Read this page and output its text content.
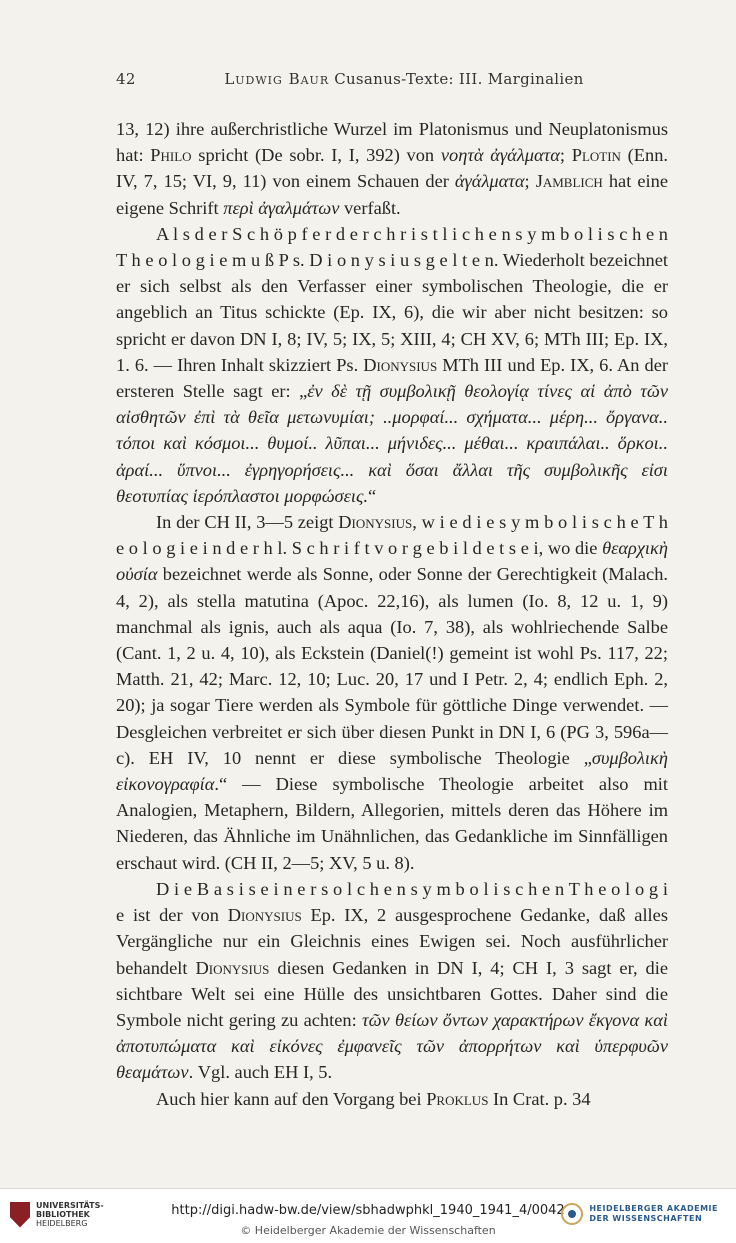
42	Ludwig Baur Cusanus-Texte: III. Marginalien

13, 12) ihre außerchristliche Wurzel im Platonismus und Neuplatonismus hat: Philo spricht (De sobr. I, I, 392) von νοητὰ ἀγάλματα; Plotin (Enn. IV, 7, 15; VI, 9, 11) von einem Schauen der ἀγάλματα; Jamblich hat eine eigene Schrift περὶ ἀγαλμάτων verfaßt.

A l s d e r S c h ö p f e r d e r c h r i s t l i c h e n s y m b o l i s c h e n T h e o l o g i e m u ß P s. D i o n y s i u s g e l t e n. Wiederholt bezeichnet er sich selbst als den Verfasser einer symbolischen Theologie, die er angeblich an Titus schickte (Ep. IX, 6), die wir aber nicht besitzen: so spricht er davon DN I, 8; IV, 5; IX, 5; XIII, 4; CH XV, 6; MTh III; Ep. IX, 1. 6. — Ihren Inhalt skizziert Ps. Dionysius MTh III und Ep. IX, 6. An der ersteren Stelle sagt er: „ἐν δὲ τῇ συμβολικῇ θεολογίᾳ τίνες αἱ ἀπὸ τῶν αἰσθητῶν ἐπὶ τὰ θεῖα μετωνυμίαι; ..μορφαί... σχήματα... μέρη... ὄργανα.. τόποι καὶ κόσμοι... θυμοί.. λῦπαι... μήνιδες... μέθαι... κραιπάλαι.. ὅρκοι.. ἀραί... ὕπνοι... ἐγρηγορήσεις... καὶ ὅσαι ἄλλαι τῆς συμβολικῆς εἰσι θεοτυπίας ἱερόπλαστοι μορφώσεις.“

In der CH II, 3—5 zeigt Dionysius, w i e d i e s y m b o l i s c h e T h e o l o g i e i n d e r h l. S c h r i f t v o r g e b i l d e t s e i, wo die θεαρχικὴ οὐσία bezeichnet werde als Sonne, oder Sonne der Gerechtigkeit (Malach. 4, 2), als stella matutina (Apoc. 22,16), als lumen (Io. 8, 12 u. 1, 9) manchmal als ignis, auch als aqua (Io. 7, 38), als wohlriechende Salbe (Cant. 1, 2 u. 4, 10), als Eckstein (Daniel(!) gemeint ist wohl Ps. 117, 22; Matth. 21, 42; Marc. 12, 10; Luc. 20, 17 und I Petr. 2, 4; endlich Eph. 2, 20); ja sogar Tiere werden als Symbole für göttliche Dinge verwendet. — Desgleichen verbreitet er sich über diesen Punkt in DN I, 6 (PG 3, 596a—c). EH IV, 10 nennt er diese symbolische Theologie „συμβολικὴ εἰκονογραφία.“ — Diese symbolische Theologie arbeitet also mit Analogien, Metaphern, Bildern, Allegorien, mittels deren das Höhere im Niederen, das Ähnliche im Unähnlichen, das Gedankliche im Sinnfälligen erschaut wird. (CH II, 2—5; XV, 5 u. 8).

D i e B a s i s e i n e r s o l c h e n s y m b o l i s c h e n T h e o l o g i e ist der von Dionysius Ep. IX, 2 ausgesprochene Gedanke, daß alles Vergängliche nur ein Gleichnis eines Ewigen sei. Noch ausführlicher behandelt Dionysius diesen Gedanken in DN I, 4; CH I, 3 sagt er, die sichtbare Welt sei eine Hülle des unsichtbaren Gottes. Daher sind die Symbole nicht gering zu achten: τῶν θείων ὄντων χαρακτήρων ἔκγονα καὶ ἀποτυπώματα καὶ εἰκόνες ἐμφανεῖς τῶν ἀπορρήτων καὶ ὑπερφυῶν θεαμάτων. Vgl. auch EH I, 5.

Auch hier kann auf den Vorgang bei Proklus In Crat. p. 34

UNIVERSITÄTS-
BIBLIOTHEK
HEIDELBERG
http://digi.hadw-bw.de/view/sbhadwphkl_1940_1941_4/0042
© Heidelberger Akademie der Wissenschaften
HEIDELBERGER AKADEMIE
DER WISSENSCHAFTEN
